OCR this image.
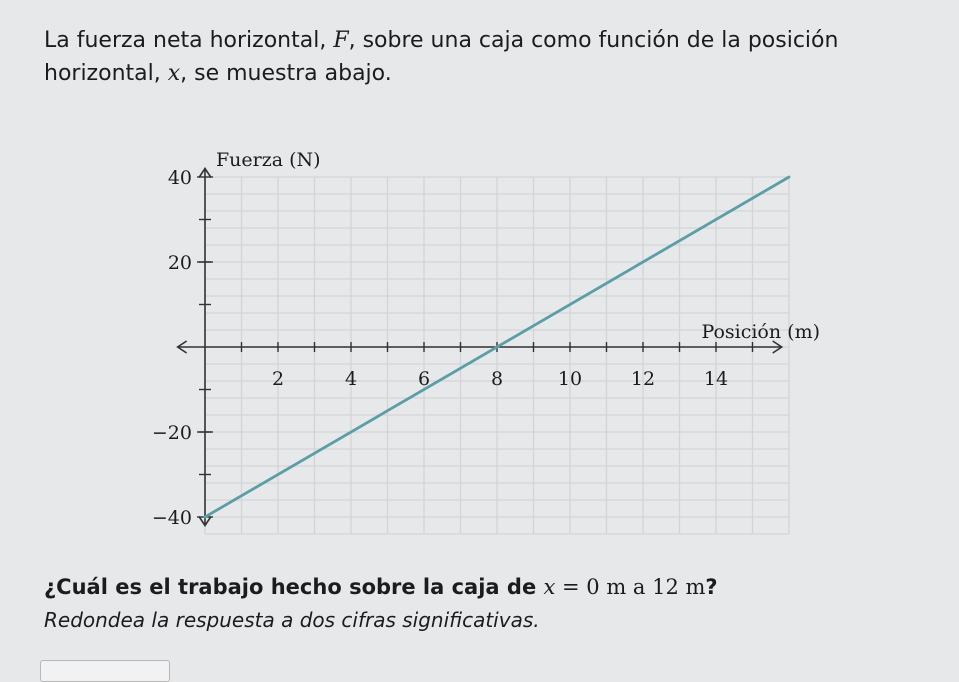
La fuerza neta horizontal, F, sobre una caja como función de la posición horizontal, x, se muestra abajo.

2	4	6	8	10	12	14
40
20
−20
−40
Fuerza (N)
Posición (m)

¿Cuál es el trabajo hecho sobre la caja de x = 0 m a 12 m?

Redondea la respuesta a dos cifras significativas.
